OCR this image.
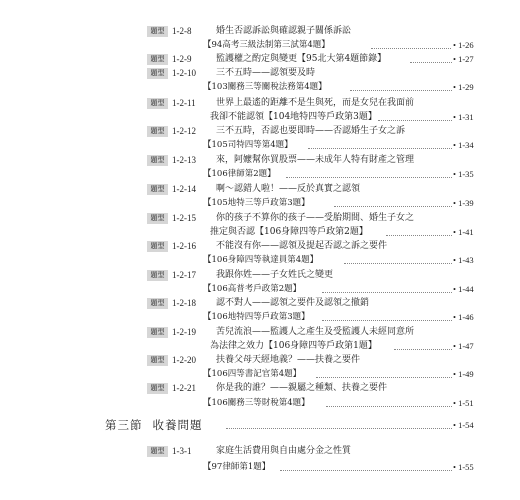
題型 1-2-8	婚生否認訴訟與確認親子關係訴訟
【94高考三級法制第三試第4題】	• 1-26
題型 1-2-9	監護權之酌定與變更【95北大第4題節錄】	• 1-27
題型 1-2-10 三不五時——認領要及時
【103關務三等關稅法務第4題】	• 1-29
題型 1-2-11 世界上最遙的距離不是生與死，而是女兒在我面前
我卻不能認領【104地特四等戶政第3題】	• 1-31
題型 1-2-12 三不五時，否認也要即時——否認婚生子女之訴
【105司特四等第4題】	• 1-34
題型 1-2-13 來，阿嬤幫你買股票——未成年人特有財產之管理
【106律師第2題】	• 1-35
題型 1-2-14 啊～認錯人啦！——反於真實之認領
【105地特三等戶政第3題】	• 1-39
題型 1-2-15 你的孩子不算你的孩子——受胎期間、婚生子女之
推定與否認【106身障四等戶政第2題】	• 1-41
題型 1-2-16 不能沒有你——認領及提起否認之訴之要件
【106身障四等執達員第4題】	• 1-43
題型 1-2-17 我跟你姓——子女姓氏之變更
【106高普考戶政第2題】	• 1-44
題型 1-2-18 認不對人——認領之要件及認領之撤銷
【106地特四等戶政第3題】	• 1-46
題型 1-2-19 苦兒流浪——監護人之產生及受監護人未經同意所
為法律之效力【106身障四等戶政第1題】	• 1-47
題型 1-2-20 扶養父母天經地義？——扶養之要件
【106四等書記官第4題】	• 1-49
題型 1-2-21 你是我的誰？——親屬之種類、扶養之要件
【106關務三等財稅第4題】	• 1-51
第三節 收養問題	• 1-54
題型 1-3-1	家庭生活費用與自由處分金之性質
【97律師第1題】	• 1-55
